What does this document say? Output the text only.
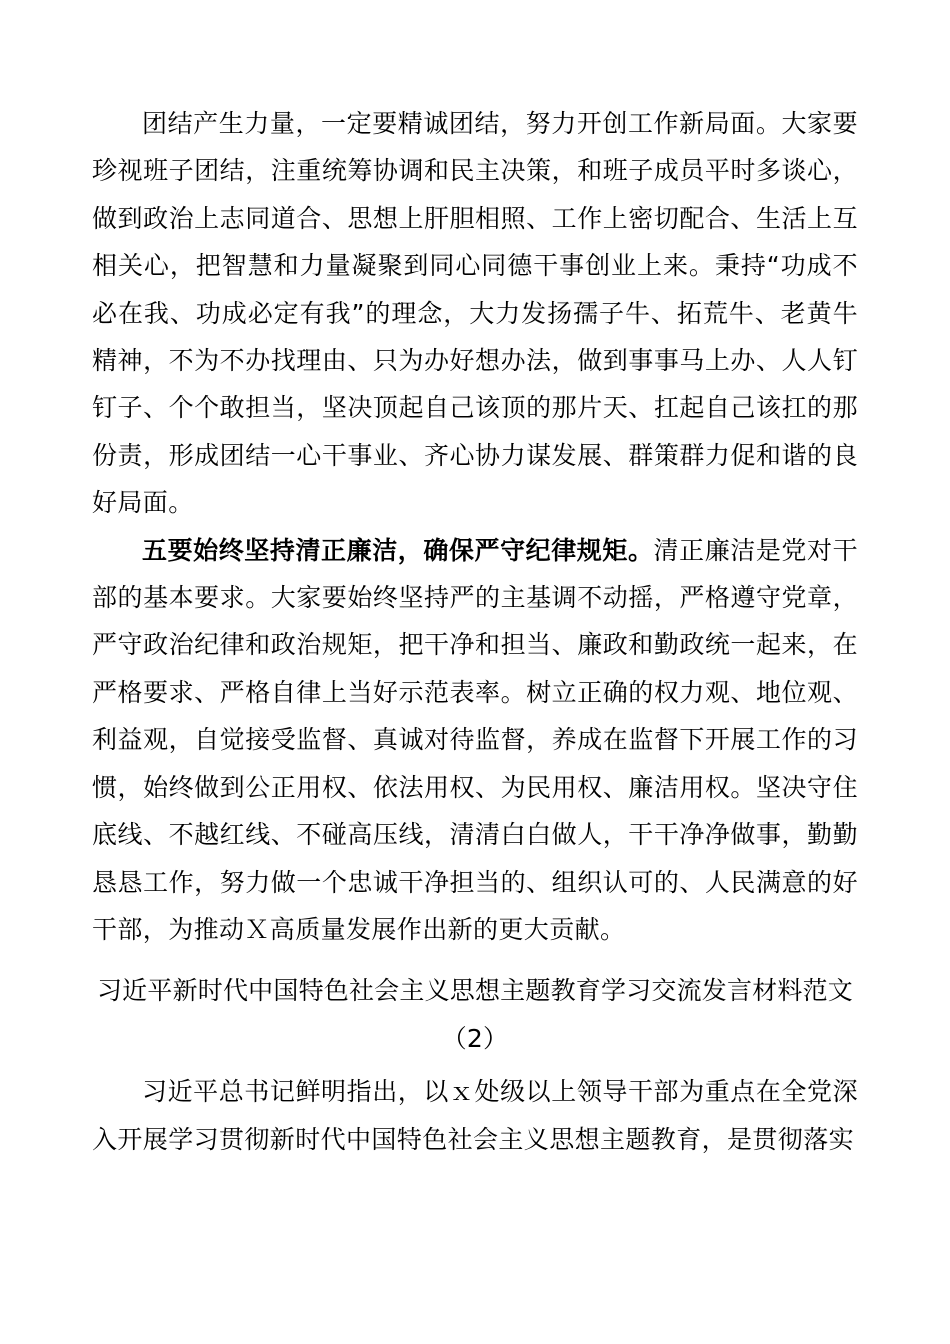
团结产生力量，一定要精诚团结，努力开创工作新局面。大家要珍视班子团结，注重统筹协调和民主决策，和班子成员平时多谈心，做到政治上志同道合、思想上肝胆相照、工作上密切配合、生活上互相关心，把智慧和力量凝聚到同心同德干事创业上来。秉持“功成不必在我、功成必定有我”的理念，大力发扬孺子牛、拓荒牛、老黄牛精神，不为不办找理由、只为办好想办法，做到事事马上办、人人钉钉子、个个敢担当，坚决顶起自己该顶的那片天、扛起自己该扛的那份责，形成团结一心干事业、齐心协力谋发展、群策群力促和谐的良好局面。

五要始终坚持清正廉洁，确保严守纪律规矩。清正廉洁是党对干部的基本要求。大家要始终坚持严的主基调不动摇，严格遵守党章，严守政治纪律和政治规矩，把干净和担当、廉政和勤政统一起来，在严格要求、严格自律上当好示范表率。树立正确的权力观、地位观、利益观，自觉接受监督、真诚对待监督，养成在监督下开展工作的习惯，始终做到公正用权、依法用权、为民用权、廉洁用权。坚决守住底线、不越红线、不碰高压线，清清白白做人，干干净净做事，勤勤恳恳工作，努力做一个忠诚干净担当的、组织认可的、人民满意的好干部，为推动Ｘ高质量发展作出新的更大贡献。

习近平新时代中国特色社会主义思想主题教育学习交流发言材料范文
（2）

习近平总书记鲜明指出，以ｘ处级以上领导干部为重点在全党深入开展学习贯彻新时代中国特色社会主义思想主题教育，是贯彻落实
